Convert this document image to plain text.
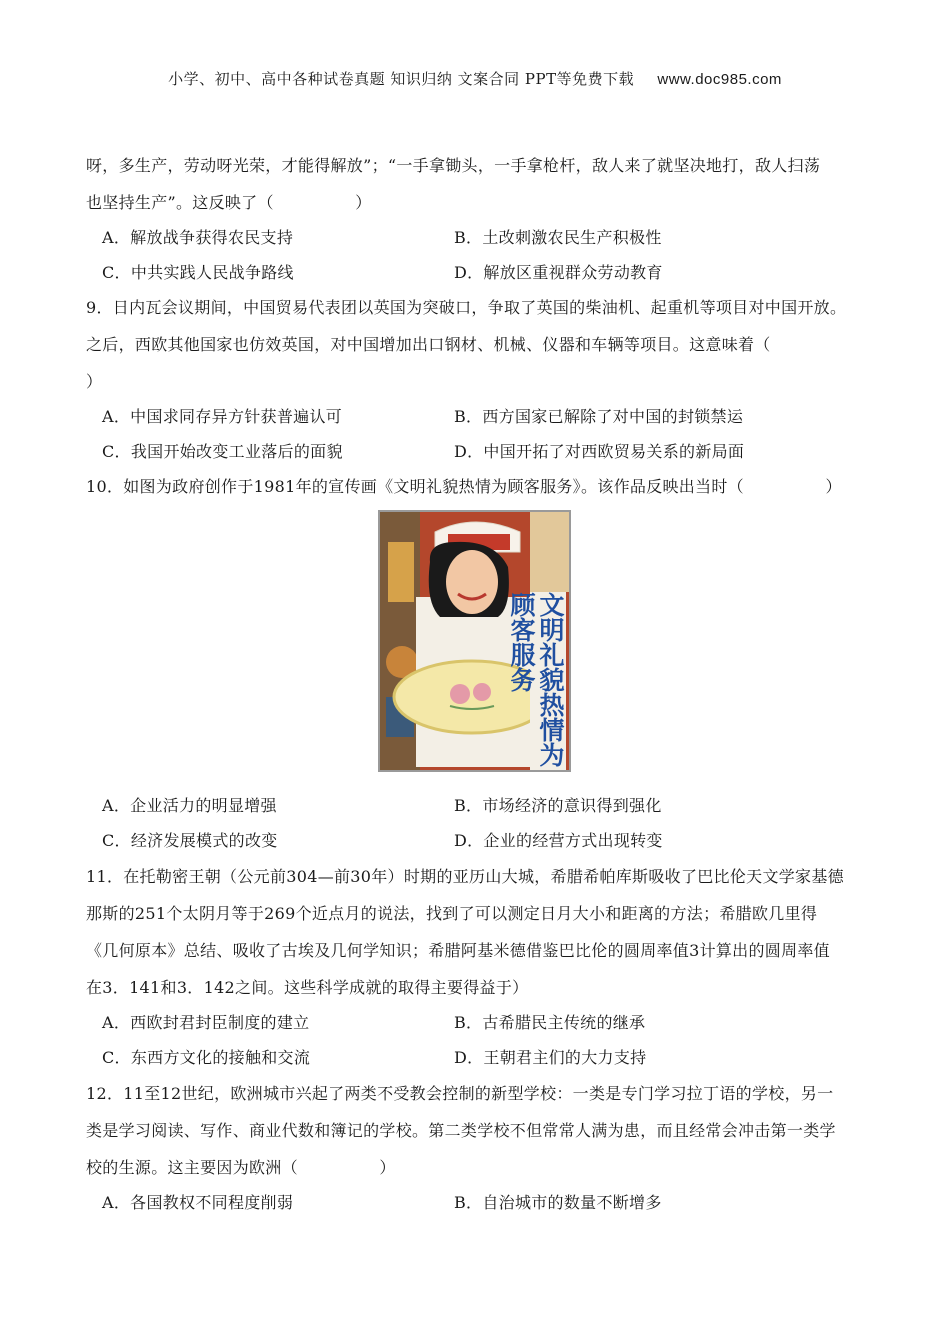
小学、初中、高中各种试卷真题 知识归纳 文案合同 PPT等免费下载 www.doc985.com
呀，多生产，劳动呀光荣，才能得解放”；“一手拿锄头，一手拿枪杆，敌人来了就坚决地打，敌人扫荡
也坚持生产”。这反映了（　　　　　）
A．解放战争获得农民支持	B．土改刺激农民生产积极性
C．中共实践人民战争路线	D．解放区重视群众劳动教育
9．日内瓦会议期间，中国贸易代表团以英国为突破口，争取了英国的柴油机、起重机等项目对中国开放。
之后，西欧其他国家也仿效英国，对中国增加出口钢材、机械、仪器和车辆等项目。这意味着（
）
A．中国求同存异方针获普遍认可	B．西方国家已解除了对中国的封锁禁运
C．我国开始改变工业落后的面貌	D．中国开拓了对西欧贸易关系的新局面
10．如图为政府创作于1981年的宣传画《文明礼貌热情为顾客服务》。该作品反映出当时（　　　　　）
文明礼貌热情为顾客服务
A．企业活力的明显增强	B．市场经济的意识得到强化
C．经济发展模式的改变	D．企业的经营方式出现转变
11．在托勒密王朝（公元前304—前30年）时期的亚历山大城，希腊希帕库斯吸收了巴比伦天文学家基德
那斯的251个太阴月等于269个近点月的说法，找到了可以测定日月大小和距离的方法；希腊欧几里得
《几何原本》总结、吸收了古埃及几何学知识；希腊阿基米德借鉴巴比伦的圆周率值3计算出的圆周率值
在3．141和3．142之间。这些科学成就的取得主要得益于）
A．西欧封君封臣制度的建立	B．古希腊民主传统的继承
C．东西方文化的接触和交流	D．王朝君主们的大力支持
12．11至12世纪，欧洲城市兴起了两类不受教会控制的新型学校：一类是专门学习拉丁语的学校，另一
类是学习阅读、写作、商业代数和簿记的学校。第二类学校不但常常人满为患，而且经常会冲击第一类学
校的生源。这主要因为欧洲（　　　　　）
A．各国教权不同程度削弱	B．自治城市的数量不断增多
